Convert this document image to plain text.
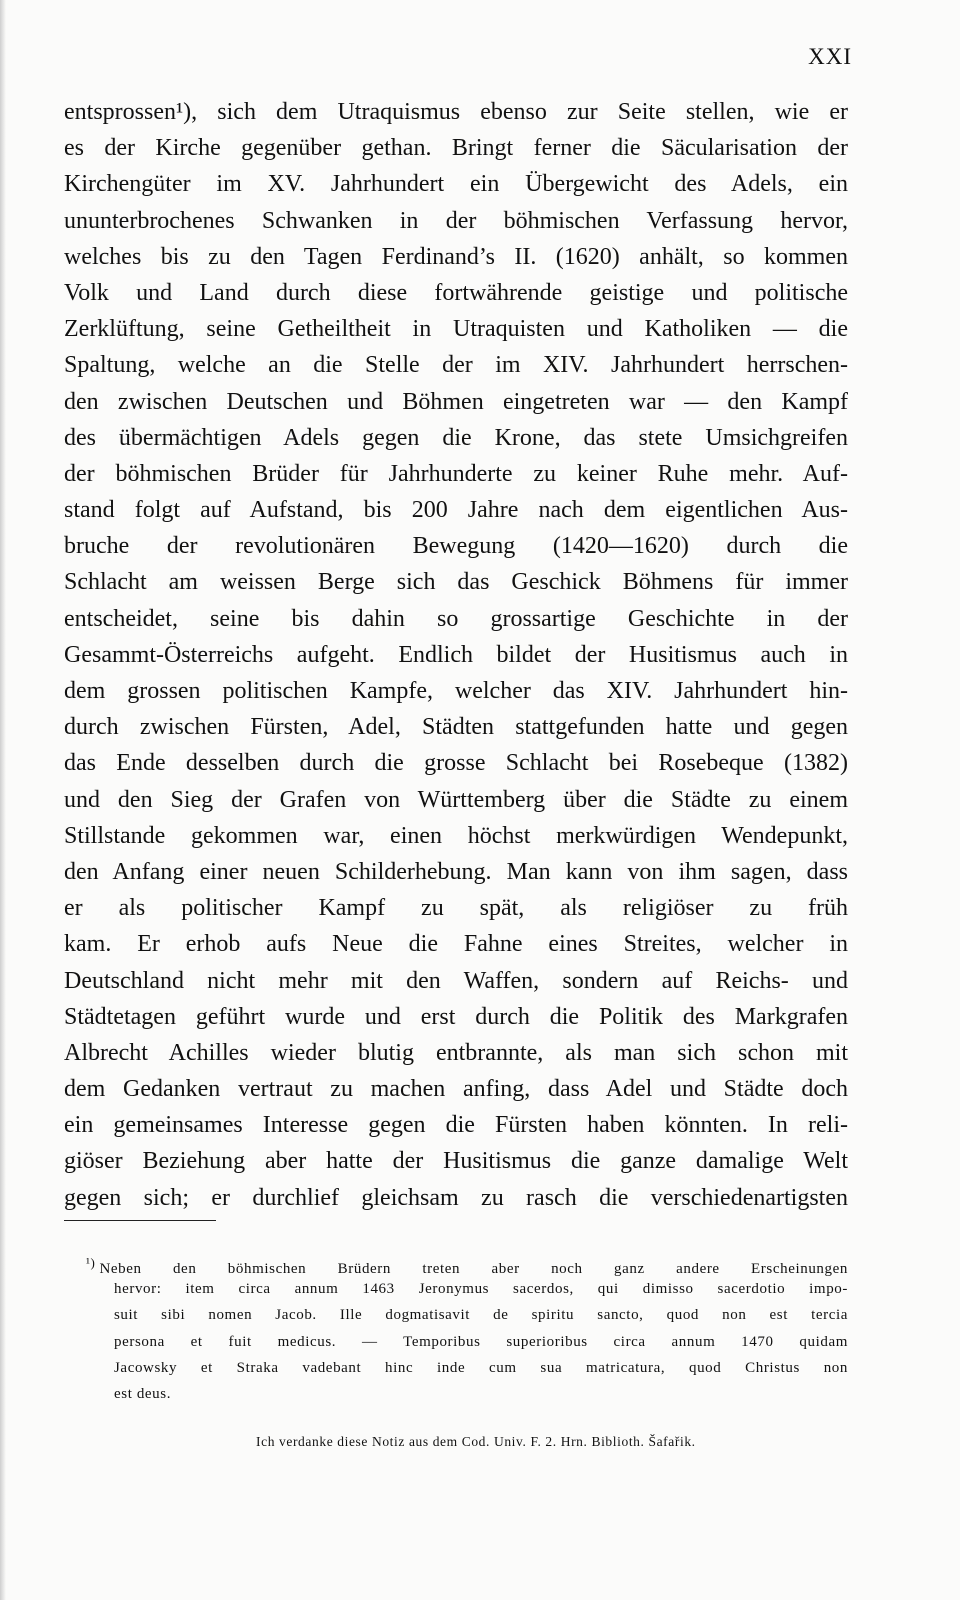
XXI
entsprossen¹), sich dem Utraquismus ebenso zur Seite stellen, wie er
es der Kirche gegenüber gethan. Bringt ferner die Säcularisation der
Kirchengüter im XV. Jahrhundert ein Übergewicht des Adels, ein
ununterbrochenes Schwanken in der böhmischen Verfassung hervor,
welches bis zu den Tagen Ferdinand’s II. (1620) anhält, so kommen
Volk und Land durch diese fortwährende geistige und politische
Zerklüftung, seine Getheiltheit in Utraquisten und Katholiken — die
Spaltung, welche an die Stelle der im XIV. Jahrhundert herrschen-
den zwischen Deutschen und Böhmen eingetreten war — den Kampf
des übermächtigen Adels gegen die Krone, das stete Umsichgreifen
der böhmischen Brüder für Jahrhunderte zu keiner Ruhe mehr. Auf-
stand folgt auf Aufstand, bis 200 Jahre nach dem eigentlichen Aus-
bruche der revolutionären Bewegung (1420—1620) durch die
Schlacht am weissen Berge sich das Geschick Böhmens für immer
entscheidet, seine bis dahin so grossartige Geschichte in der
Gesammt-Österreichs aufgeht. Endlich bildet der Husitismus auch in
dem grossen politischen Kampfe, welcher das XIV. Jahrhundert hin-
durch zwischen Fürsten, Adel, Städten stattgefunden hatte und gegen
das Ende desselben durch die grosse Schlacht bei Rosebeque (1382)
und den Sieg der Grafen von Württemberg über die Städte zu einem
Stillstande gekommen war, einen höchst merkwürdigen Wendepunkt,
den Anfang einer neuen Schilderhebung. Man kann von ihm sagen, dass
er als politischer Kampf zu spät, als religiöser zu früh
kam. Er erhob aufs Neue die Fahne eines Streites, welcher in
Deutschland nicht mehr mit den Waffen, sondern auf Reichs- und
Städtetagen geführt wurde und erst durch die Politik des Markgrafen
Albrecht Achilles wieder blutig entbrannte, als man sich schon mit
dem Gedanken vertraut zu machen anfing, dass Adel und Städte doch
ein gemeinsames Interesse gegen die Fürsten haben könnten. In reli-
giöser Beziehung aber hatte der Husitismus die ganze damalige Welt
gegen sich; er durchlief gleichsam zu rasch die verschiedenartigsten
¹) Neben den böhmischen Brüdern treten aber noch ganz andere Erscheinungen
hervor: item circa annum 1463 Jeronymus sacerdos, qui dimisso sacerdotio impo-
suit sibi nomen Jacob. Ille dogmatisavit de spiritu sancto, quod non est tercia
persona et fuit medicus. — Temporibus superioribus circa annum 1470 quidam
Jacowsky et Straka vadebant hinc inde cum sua matricatura, quod Christus non
est deus.
Ich verdanke diese Notiz aus dem Cod. Univ. F. 2. Hrn. Biblioth. Šafařik.
